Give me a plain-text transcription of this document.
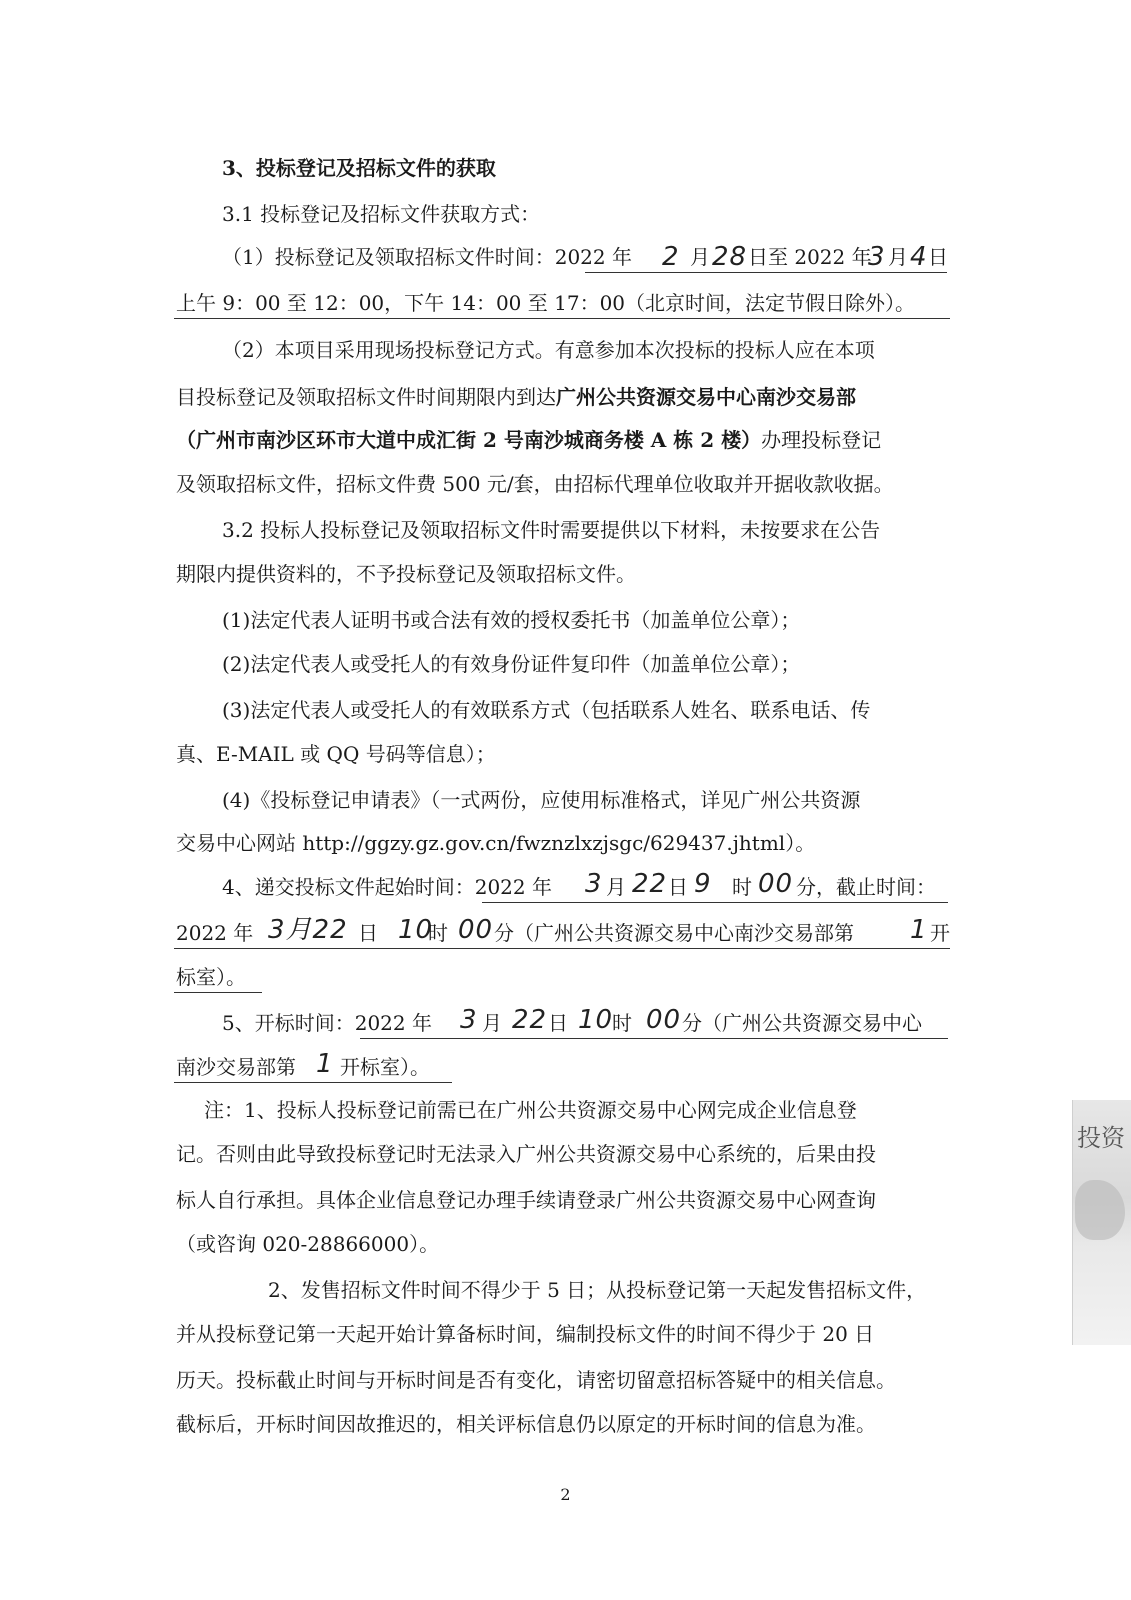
3、投标登记及招标文件的获取
3.1 投标登记及招标文件获取方式：
（1）投标登记及领取招标文件时间：2022 年 2 月 28 日至 2022 年
3 月 4 日
上午 9：00 至 12：00，下午 14：00 至 17：00（北京时间，法定节假日除外）。
（2）本项目采用现场投标登记方式。有意参加本次投标的投标人应在本项
目投标登记及领取招标文件时间期限内到达广州公共资源交易中心南沙交易部
（广州市南沙区环市大道中成汇街 2 号南沙城商务楼 A 栋 2 楼）办理投标登记
及领取招标文件，招标文件费 500 元/套，由招标代理单位收取并开据收款收据。
3.2 投标人投标登记及领取招标文件时需要提供以下材料，未按要求在公告
期限内提供资料的，不予投标登记及领取招标文件。
(1)法定代表人证明书或合法有效的授权委托书（加盖单位公章）；
(2)法定代表人或受托人的有效身份证件复印件（加盖单位公章）；
(3)法定代表人或受托人的有效联系方式（包括联系人姓名、联系电话、传
真、E-MAIL 或 QQ 号码等信息）；
(4)《投标登记申请表》（一式两份，应使用标准格式，详见广州公共资源
交易中心网站 http://ggzy.gz.gov.cn/fwznzlxzjsgc/629437.jhtml）。
4、递交投标文件起始时间：2022 年 3 月 22 日 9 时 00 分，截止时间：
2022 年 3月22 日 10
时 00 分（广州公共资源交易中心南沙交易部第 1 开
标室）。
5、开标时间：2022 年 3 月 22 日 10
时 00 分（广州公共资源交易中心
南沙交易部第 1 开标室）。
注：1、投标人投标登记前需已在广州公共资源交易中心网完成企业信息登
记。否则由此导致投标登记时无法录入广州公共资源交易中心系统的，后果由投
标人自行承担。具体企业信息登记办理手续请登录广州公共资源交易中心网查询
（或咨询 020-28866000）。
2、发售招标文件时间不得少于 5 日；从投标登记第一天起发售招标文件，
并从投标登记第一天起开始计算备标时间，编制投标文件的时间不得少于 20 日
历天。投标截止时间与开标时间是否有变化，请密切留意招标答疑中的相关信息。
截标后，开标时间因故推迟的，相关评标信息仍以原定的开标时间的信息为准。
2
投资
